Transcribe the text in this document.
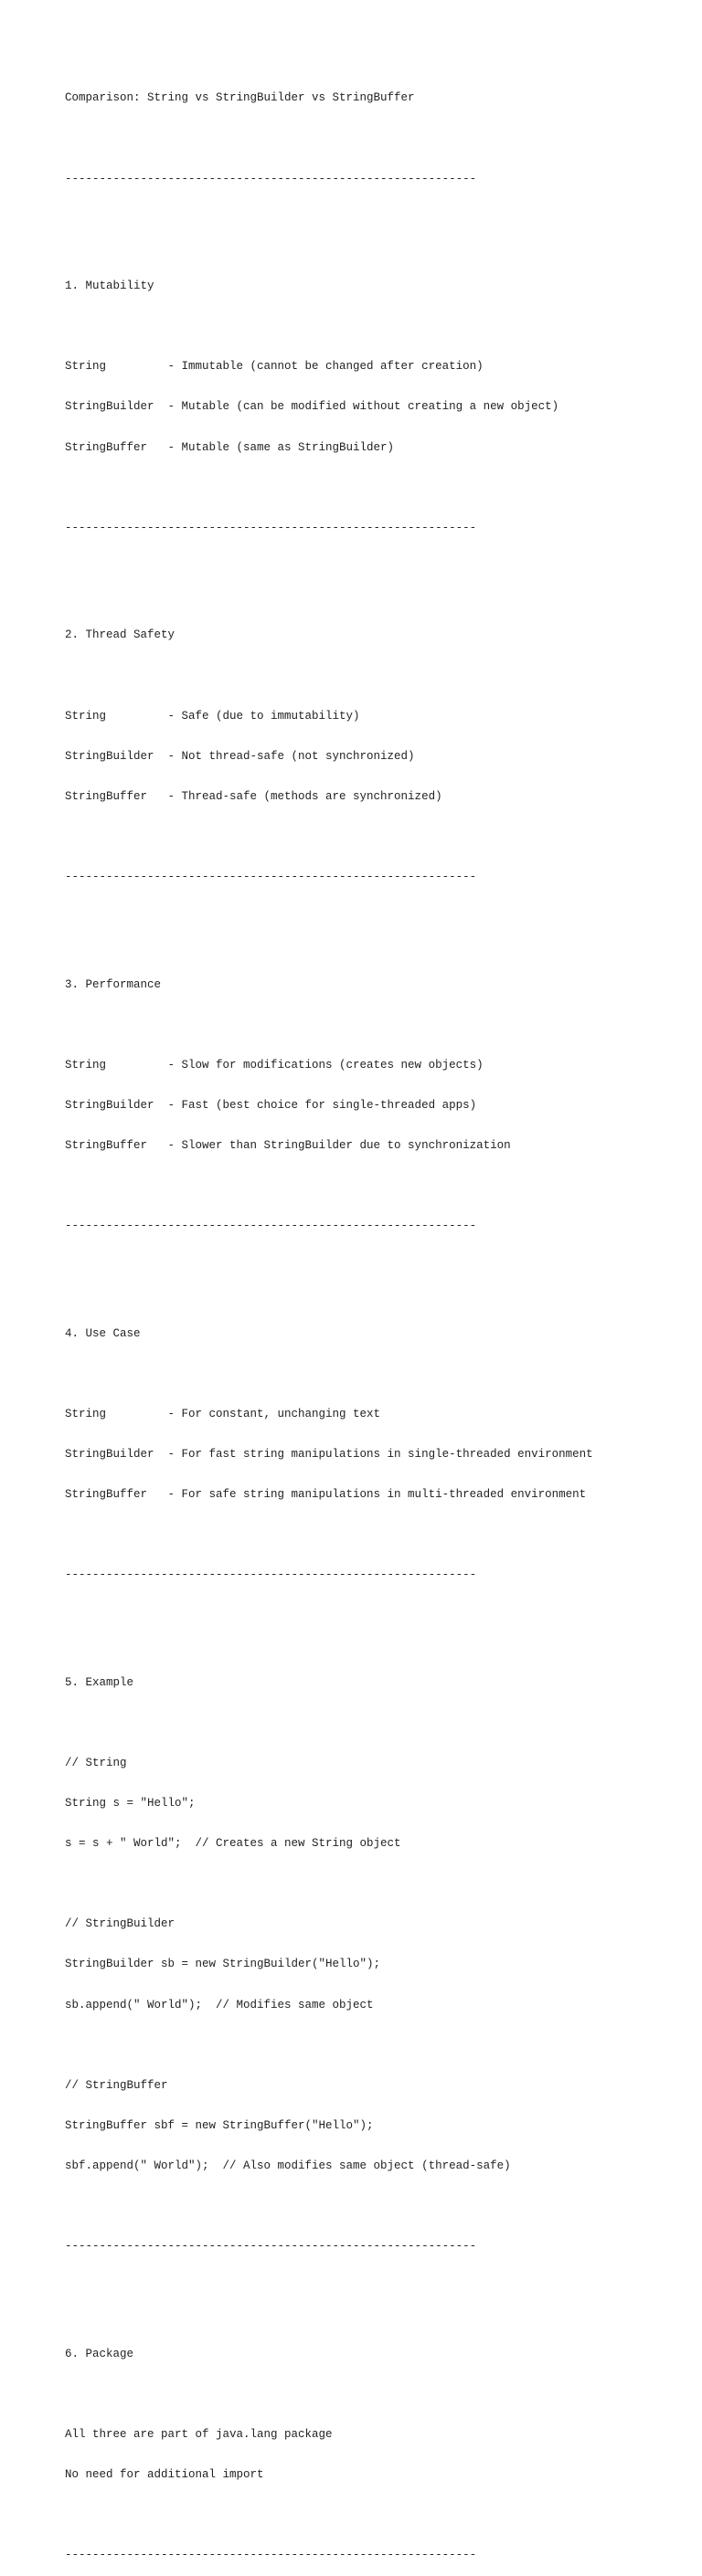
Comparison: String vs StringBuilder vs StringBuffer

------------------------------------------------------------

1. Mutability

String         - Immutable (cannot be changed after creation)

StringBuilder  - Mutable (can be modified without creating a new object)

StringBuffer   - Mutable (same as StringBuilder)

------------------------------------------------------------

2. Thread Safety

String         - Safe (due to immutability)

StringBuilder  - Not thread-safe (not synchronized)

StringBuffer   - Thread-safe (methods are synchronized)

------------------------------------------------------------

3. Performance

String         - Slow for modifications (creates new objects)

StringBuilder  - Fast (best choice for single-threaded apps)

StringBuffer   - Slower than StringBuilder due to synchronization

------------------------------------------------------------

4. Use Case

String         - For constant, unchanging text

StringBuilder  - For fast string manipulations in single-threaded environment

StringBuffer   - For safe string manipulations in multi-threaded environment

------------------------------------------------------------

5. Example

// String

String s = "Hello";

s = s + " World";  // Creates a new String object

// StringBuilder

StringBuilder sb = new StringBuilder("Hello");

sb.append(" World");  // Modifies same object

// StringBuffer

StringBuffer sbf = new StringBuffer("Hello");

sbf.append(" World");  // Also modifies same object (thread-safe)

------------------------------------------------------------

6. Package

All three are part of java.lang package

No need for additional import

------------------------------------------------------------
